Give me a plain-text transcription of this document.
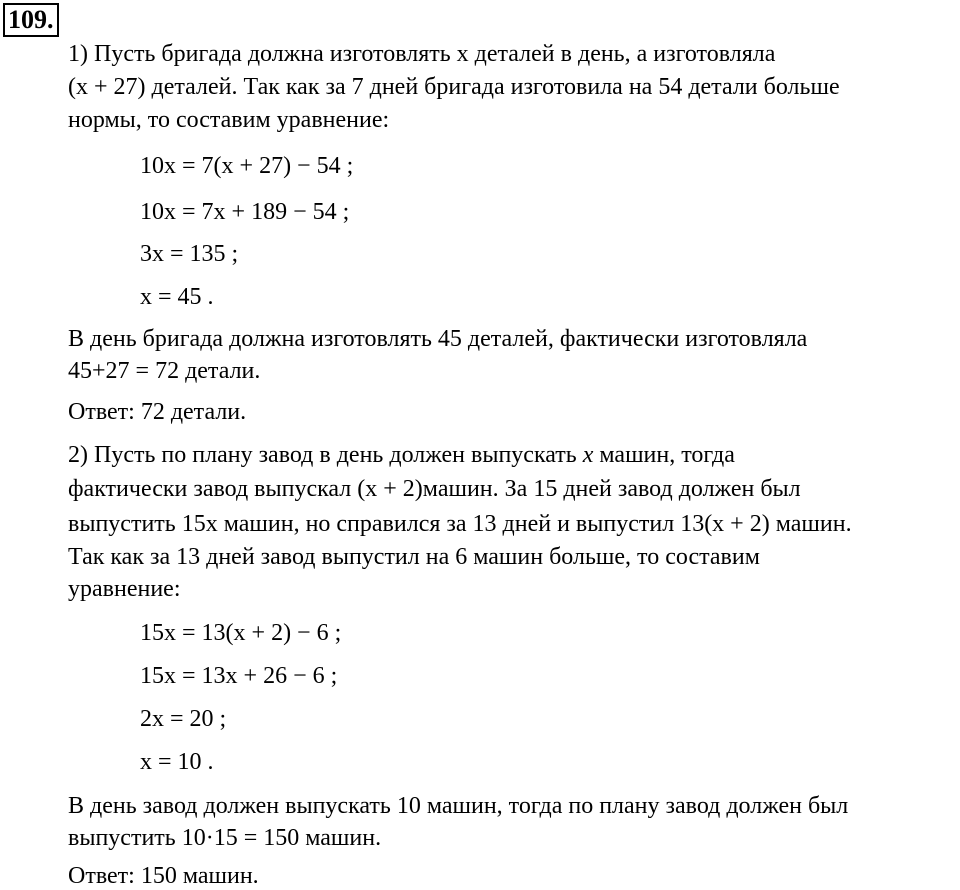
109.
1) Пусть бригада должна изготовлять х деталей в день, а изготовляла
(x + 27) деталей. Так как за 7 дней бригада изготовила на 54 детали больше
нормы, то составим уравнение:
10x = 7(x + 27) − 54 ;
10x = 7x + 189 − 54 ;
3x = 135 ;
x = 45 .
В день бригада должна изготовлять 45 деталей, фактически изготовляла
45+27 = 72 детали.
Ответ: 72 детали.
2) Пусть по плану завод в день должен выпускать x машин, тогда
фактически завод выпускал (x + 2)машин. За 15 дней завод должен был
выпустить 15x машин, но справился за 13 дней и выпустил 13(x + 2) машин.
Так как за 13 дней завод выпустил на 6 машин больше, то составим
уравнение:
15x = 13(x + 2) − 6 ;
15x = 13x + 26 − 6 ;
2x = 20 ;
x = 10 .
В день завод должен выпускать 10 машин, тогда по плану завод должен был
выпустить 10·15 = 150 машин.
Ответ: 150 машин.
